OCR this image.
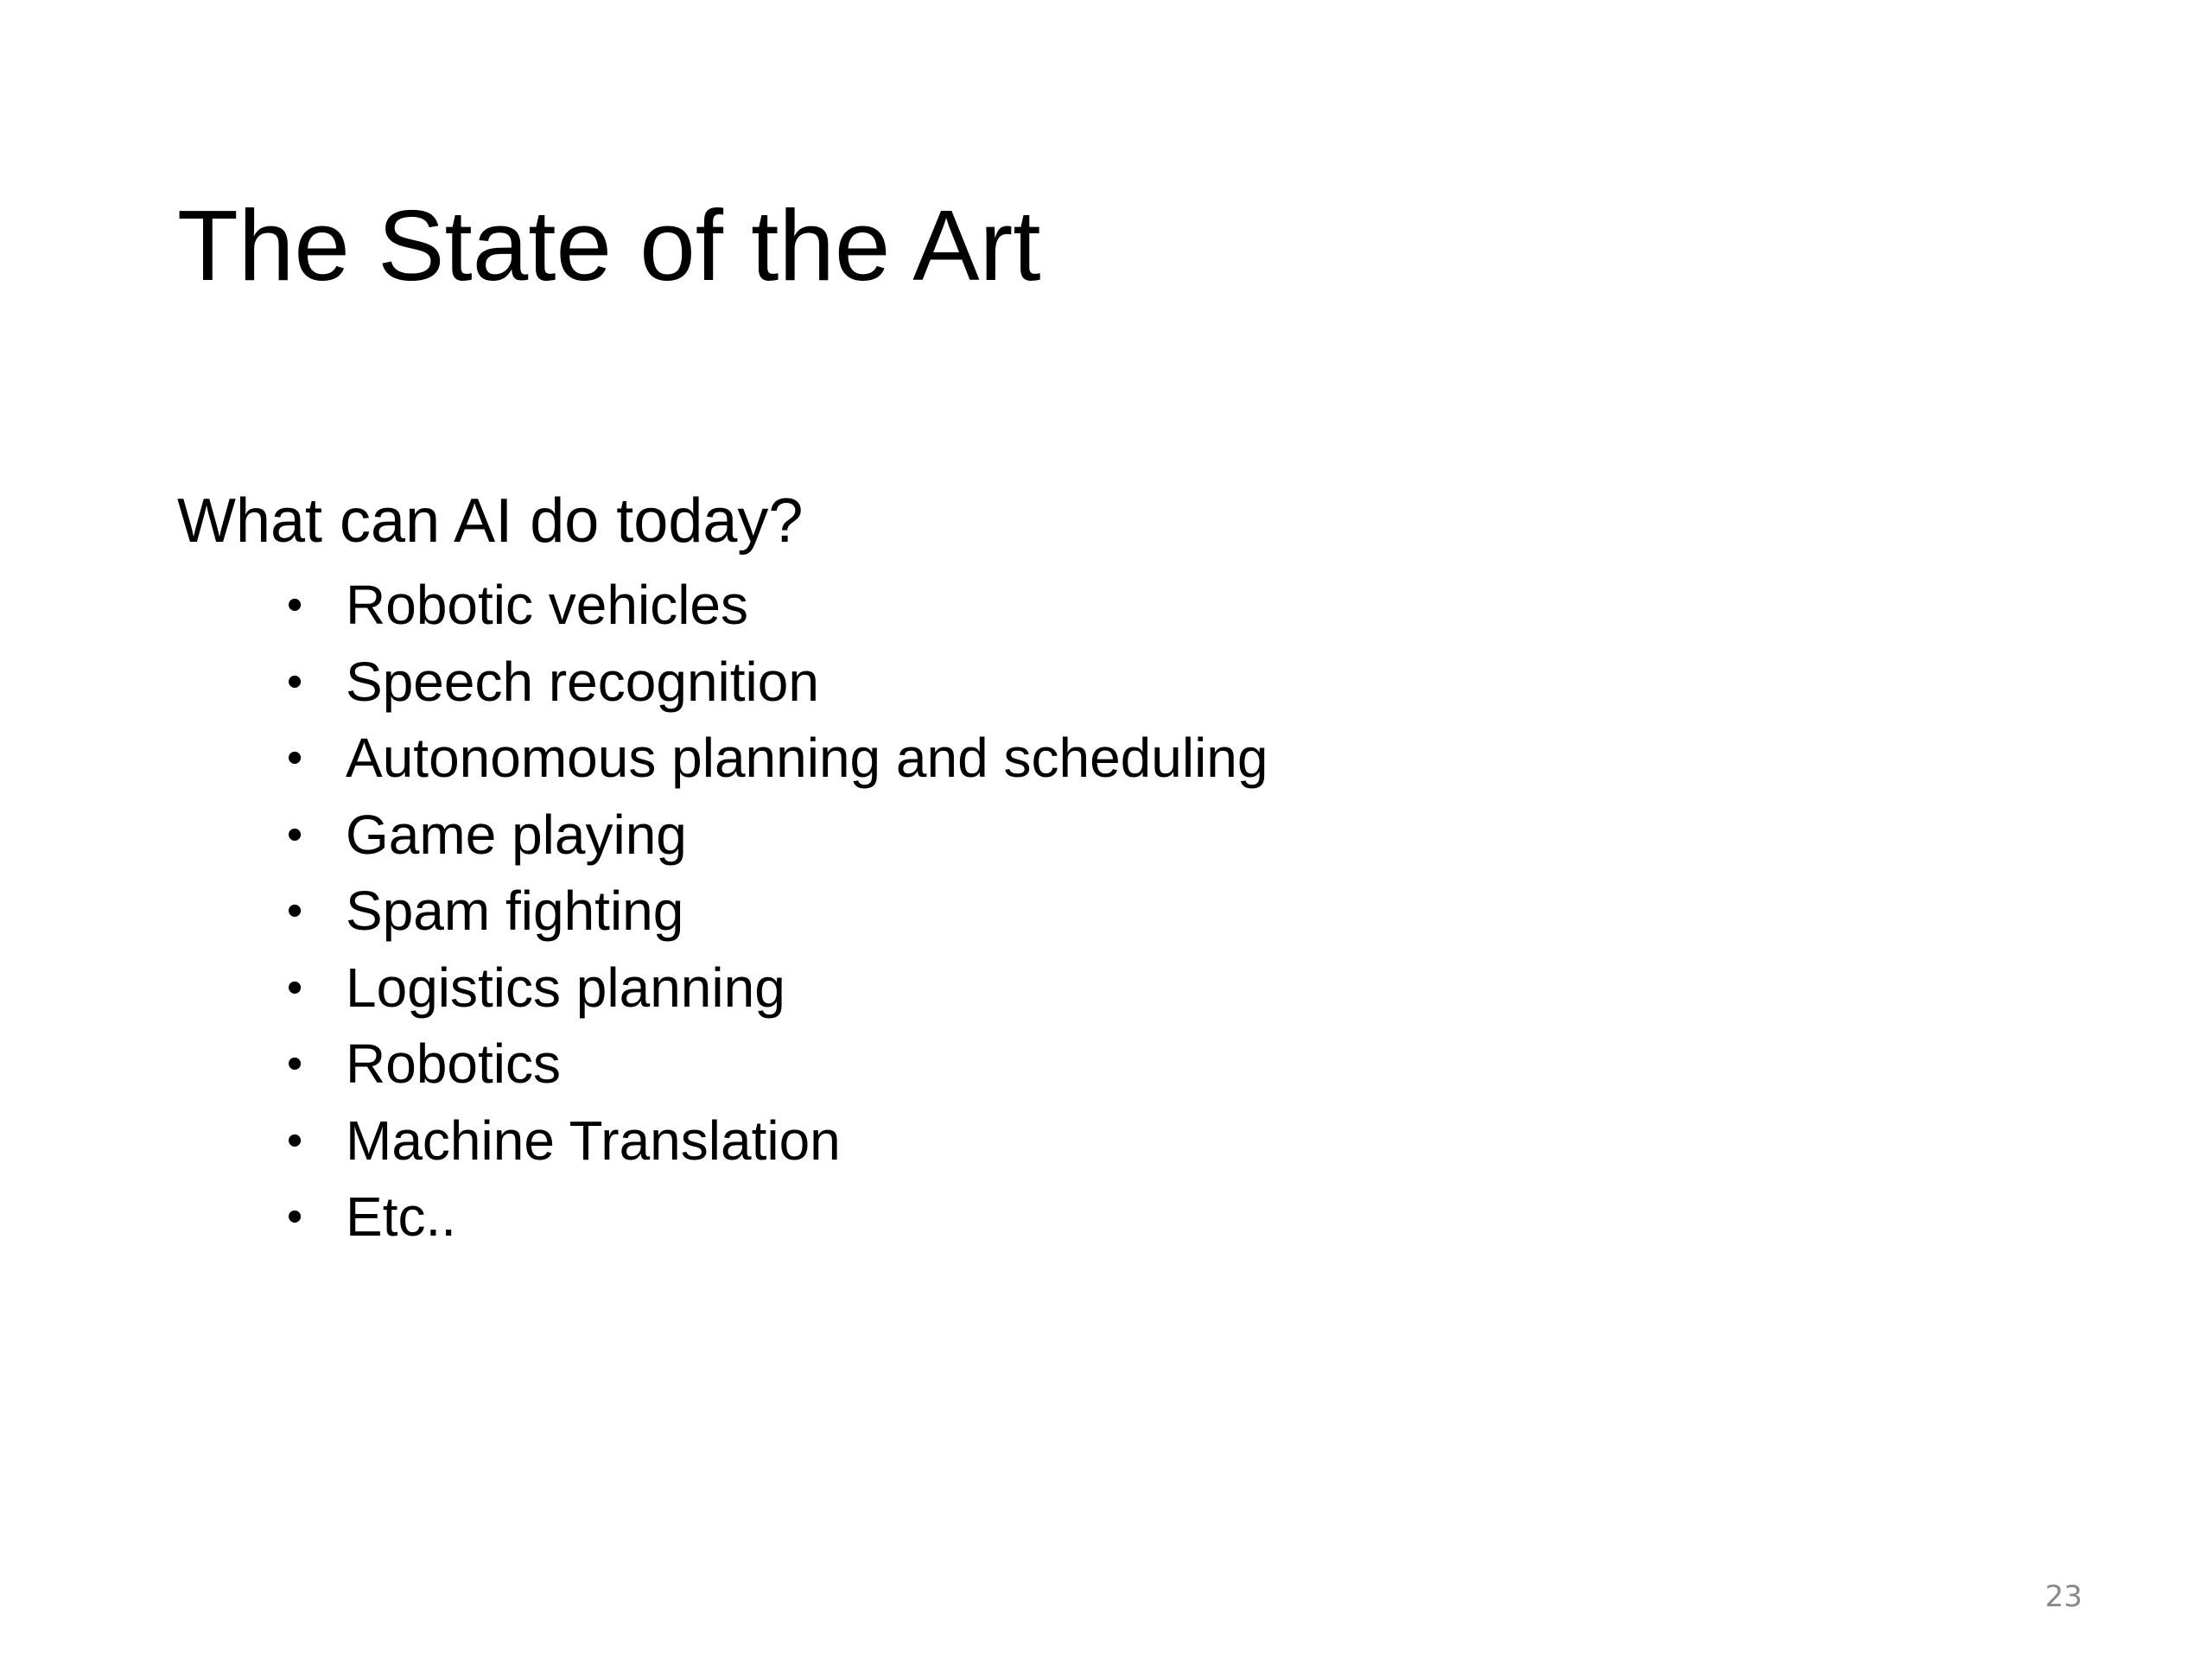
The State of the Art

What can AI do today?

• Robotic vehicles
• Speech recognition
• Autonomous planning and scheduling
• Game playing
• Spam fighting
• Logistics planning
• Robotics
• Machine Translation
• Etc..
23
